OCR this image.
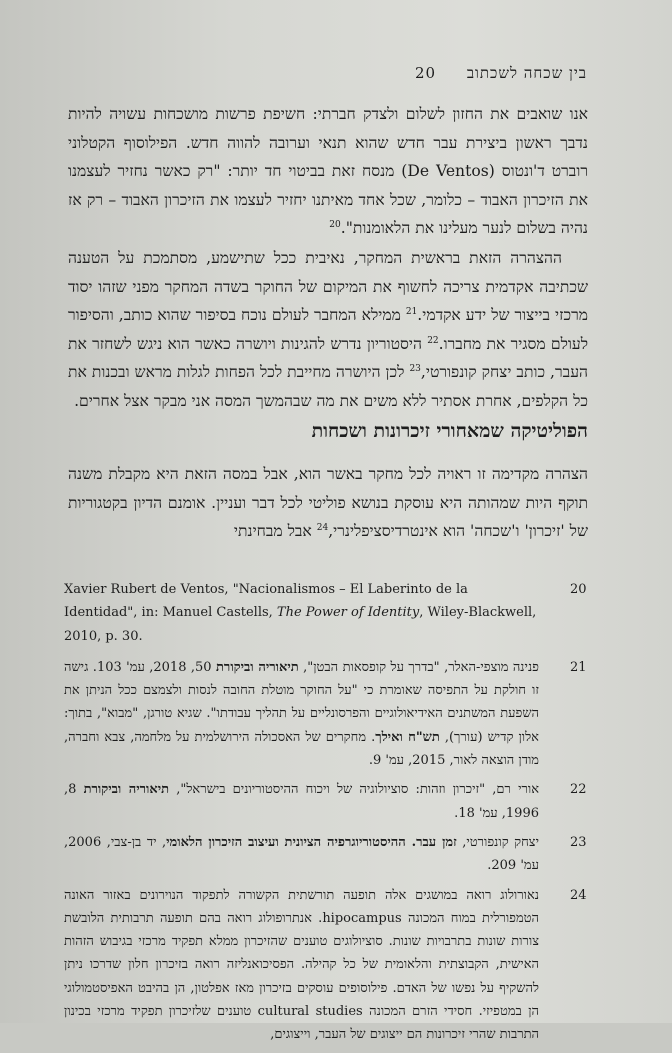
20 בין שכחה לשכתוב

אנו שואבים את החזון לשלום ולצדק חברתי: חשיפת פרשות מושכחות עשויה להיות נדבך ראשון ביצירת עבר חדש שהוא תנאי וערובה להווה חדש. הפילוסוף הקטלוני רוברט ד'ונטוס (De Ventos) מנסח זאת בביטוי חד יותר: "רק כאשר נחזיר לעצמנו את הזיכרון האבוד – כלומר, שכל אחד מאיתנו יחזיר לעצמו את הזיכרון האבוד – רק אז נהיה בשלום לנער מעלינו את הלאומנות".$^{20}$

ההצהרה הזאת בראשית המחקר, נאיבית ככל שתישמע, מסתמכת על הטענה שכתיבה אקדמית צריכה לחשוף את המיקום של החוקר בשדה המחקר מפני שזהו יסוד מרכזי בייצור של ידע אקדמי.$^{21}$ ממילא המחבר לעולם נוכח בסיפור שהוא כותב, והסיפור לעולם מסגיר את מחברו.$^{22}$ היסטוריון נדרש להגינות ויושרה כאשר הוא ניגש לשחזר את העבר, כותב יצחק קונפורטי,$^{23}$ לכן היושרה מחייבת לכל הפחות לגלות מראש ובכנות את כל הקלפים, אחרת אסתיר ללא משים את מה שבהמשך המסה אני מבקר אצל אחרים.

הפוליטיקה שמאחורי זיכרונות ושכחות

הצהרה מקדימה זו ראויה לכל מחקר באשר הוא, אבל במסה הזאת היא מקבלת משנה תוקף היות שמהותה היא עוסקת בנושא פוליטי לכל דבר ועניין. אומנם הדיון בקטגוריות של 'זיכרון' ו'שכחה' הוא אינטרדיסציפלינרי,$^{24}$ אבל מבחינתי

20
Xavier Rubert de Ventos, "Nacionalismos – El Laberinto de la Identidad", in: Manuel Castells, The Power of Identity, Wiley-Blackwell, 2010, p. 30.
21
פנינה מוצפי-האלר, "בדרך על קופסאות הבטן", תיאוריה וביקורת 50, 2018, עמ' 103. גישה זו חולקת על התפיסה שאומרת כי "על החוקר מוטלת החובה לנסות ולצמצם ככל הניתן את השפעת המשתנים האידיאולוגיים והפרסונליים על תהליך עבודתו". שגיא טורגן, "מבוא", בתוך: אלון קדיש (עורך), תש"ח ואילך. מחקרים של האסכולה הירושלמית על מלחמה, צבא וחברה, מודן הוצאה לאור, 2015, עמ' 9.
22
אורי רם, "זיכרון וזהות: סוציולוגיה של ויכוח ההיסטוריונים בישראל", תיאוריה וביקורת 8, 1996, עמ' 18.
23
יצחק קונפורטי, זמן עבר. ההיסטוריוגרפיה הציונית ועיצוב הזיכרון הלאומי, יד בן-צבי, 2006, עמ' 209.
24
נאורולוג רואה במושגים אלה תופעה תורשתית הקשורה לתפקוד הנוירונים באזור האונה הטמפורלית במוח המכונה hipocampus. אנתרופולוג רואה בהם תופעה תרבותית הלובשת צורות שונות בתרבויות שונות. סוציולוגים טוענים שהזיכרון ממלא תפקיד מרכזי בגיבוש הזהות האישית, הקבוצתית והלאומית של כל קהילה. הפסיכואנליזה רואה בזיכרון חלון שדרכו ניתן להשקיף על נפשו של האדם. פילוסופים עוסקים בזיכרון מאז אפלטון, הן בהיבט האפיסטמולוגי הן במטפיזי. חסידי הזרם המכונה cultural studies טוענים שלזיכרון תפקיד מרכזי בכינון התרבות שהרי זיכרונות הם ייצוגים של העבר, וייצוגים,
